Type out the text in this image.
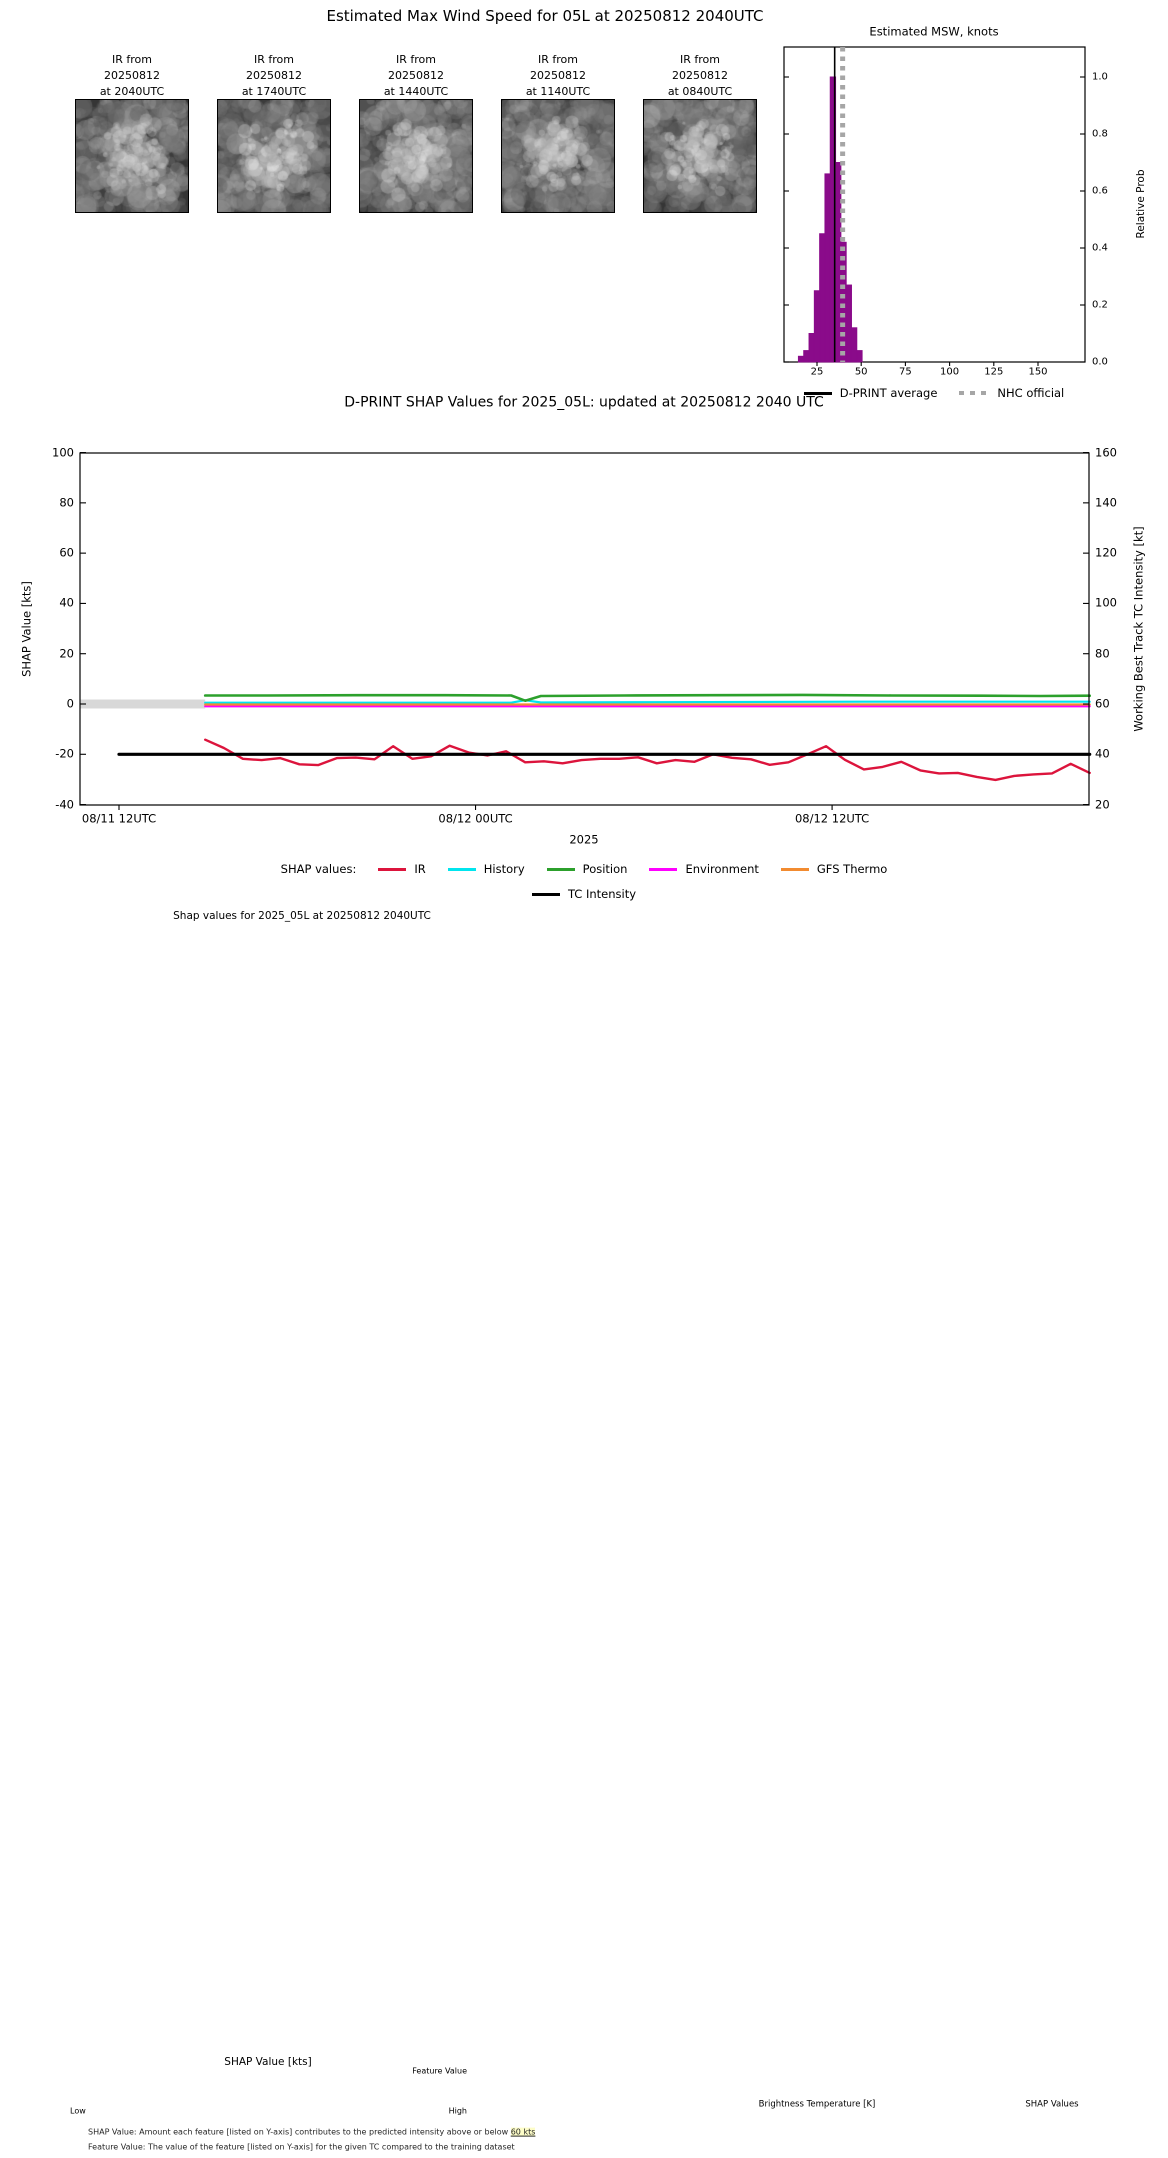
Estimated Max Wind Speed for 05L at 20250812 2040UTC
Estimated MSW, knots
Relative Prob
D-PRINT average	NHC official
D-PRINT SHAP Values for 2025_05L: updated at 20250812 2040 UTC
SHAP Value [kts]	Working Best Track TC Intensity [kt]
2025
SHAP values:	IR	History	Position	Environment	GFS Thermo
TC Intensity
Shap values for 2025_05L at 20250812 2040UTC
SHAP Value [kts]
Feature Value
Low	High
SHAP Value: Amount each feature [listed on Y-axis] contributes to the predicted intensity above or below 60 kts
Feature Value: The value of the feature [listed on Y-axis] for the given TC compared to the training dataset
Brightness Temperature [K]	SHAP Values
IR from
20250812
at 2040UTC
IR from
20250812
at 1740UTC
IR from
20250812
at 1440UTC
IR from
20250812
at 1140UTC
IR from
20250812
at 0840UTC
0.0
0.2
0.4
0.6
0.8
1.0
25	50	75	100	125	150
100
80
60
40
20
0
-20
-40
160
140
120
100
80
60
40
20
08/11 12UTC	08/12 00UTC	08/12 12UTC
